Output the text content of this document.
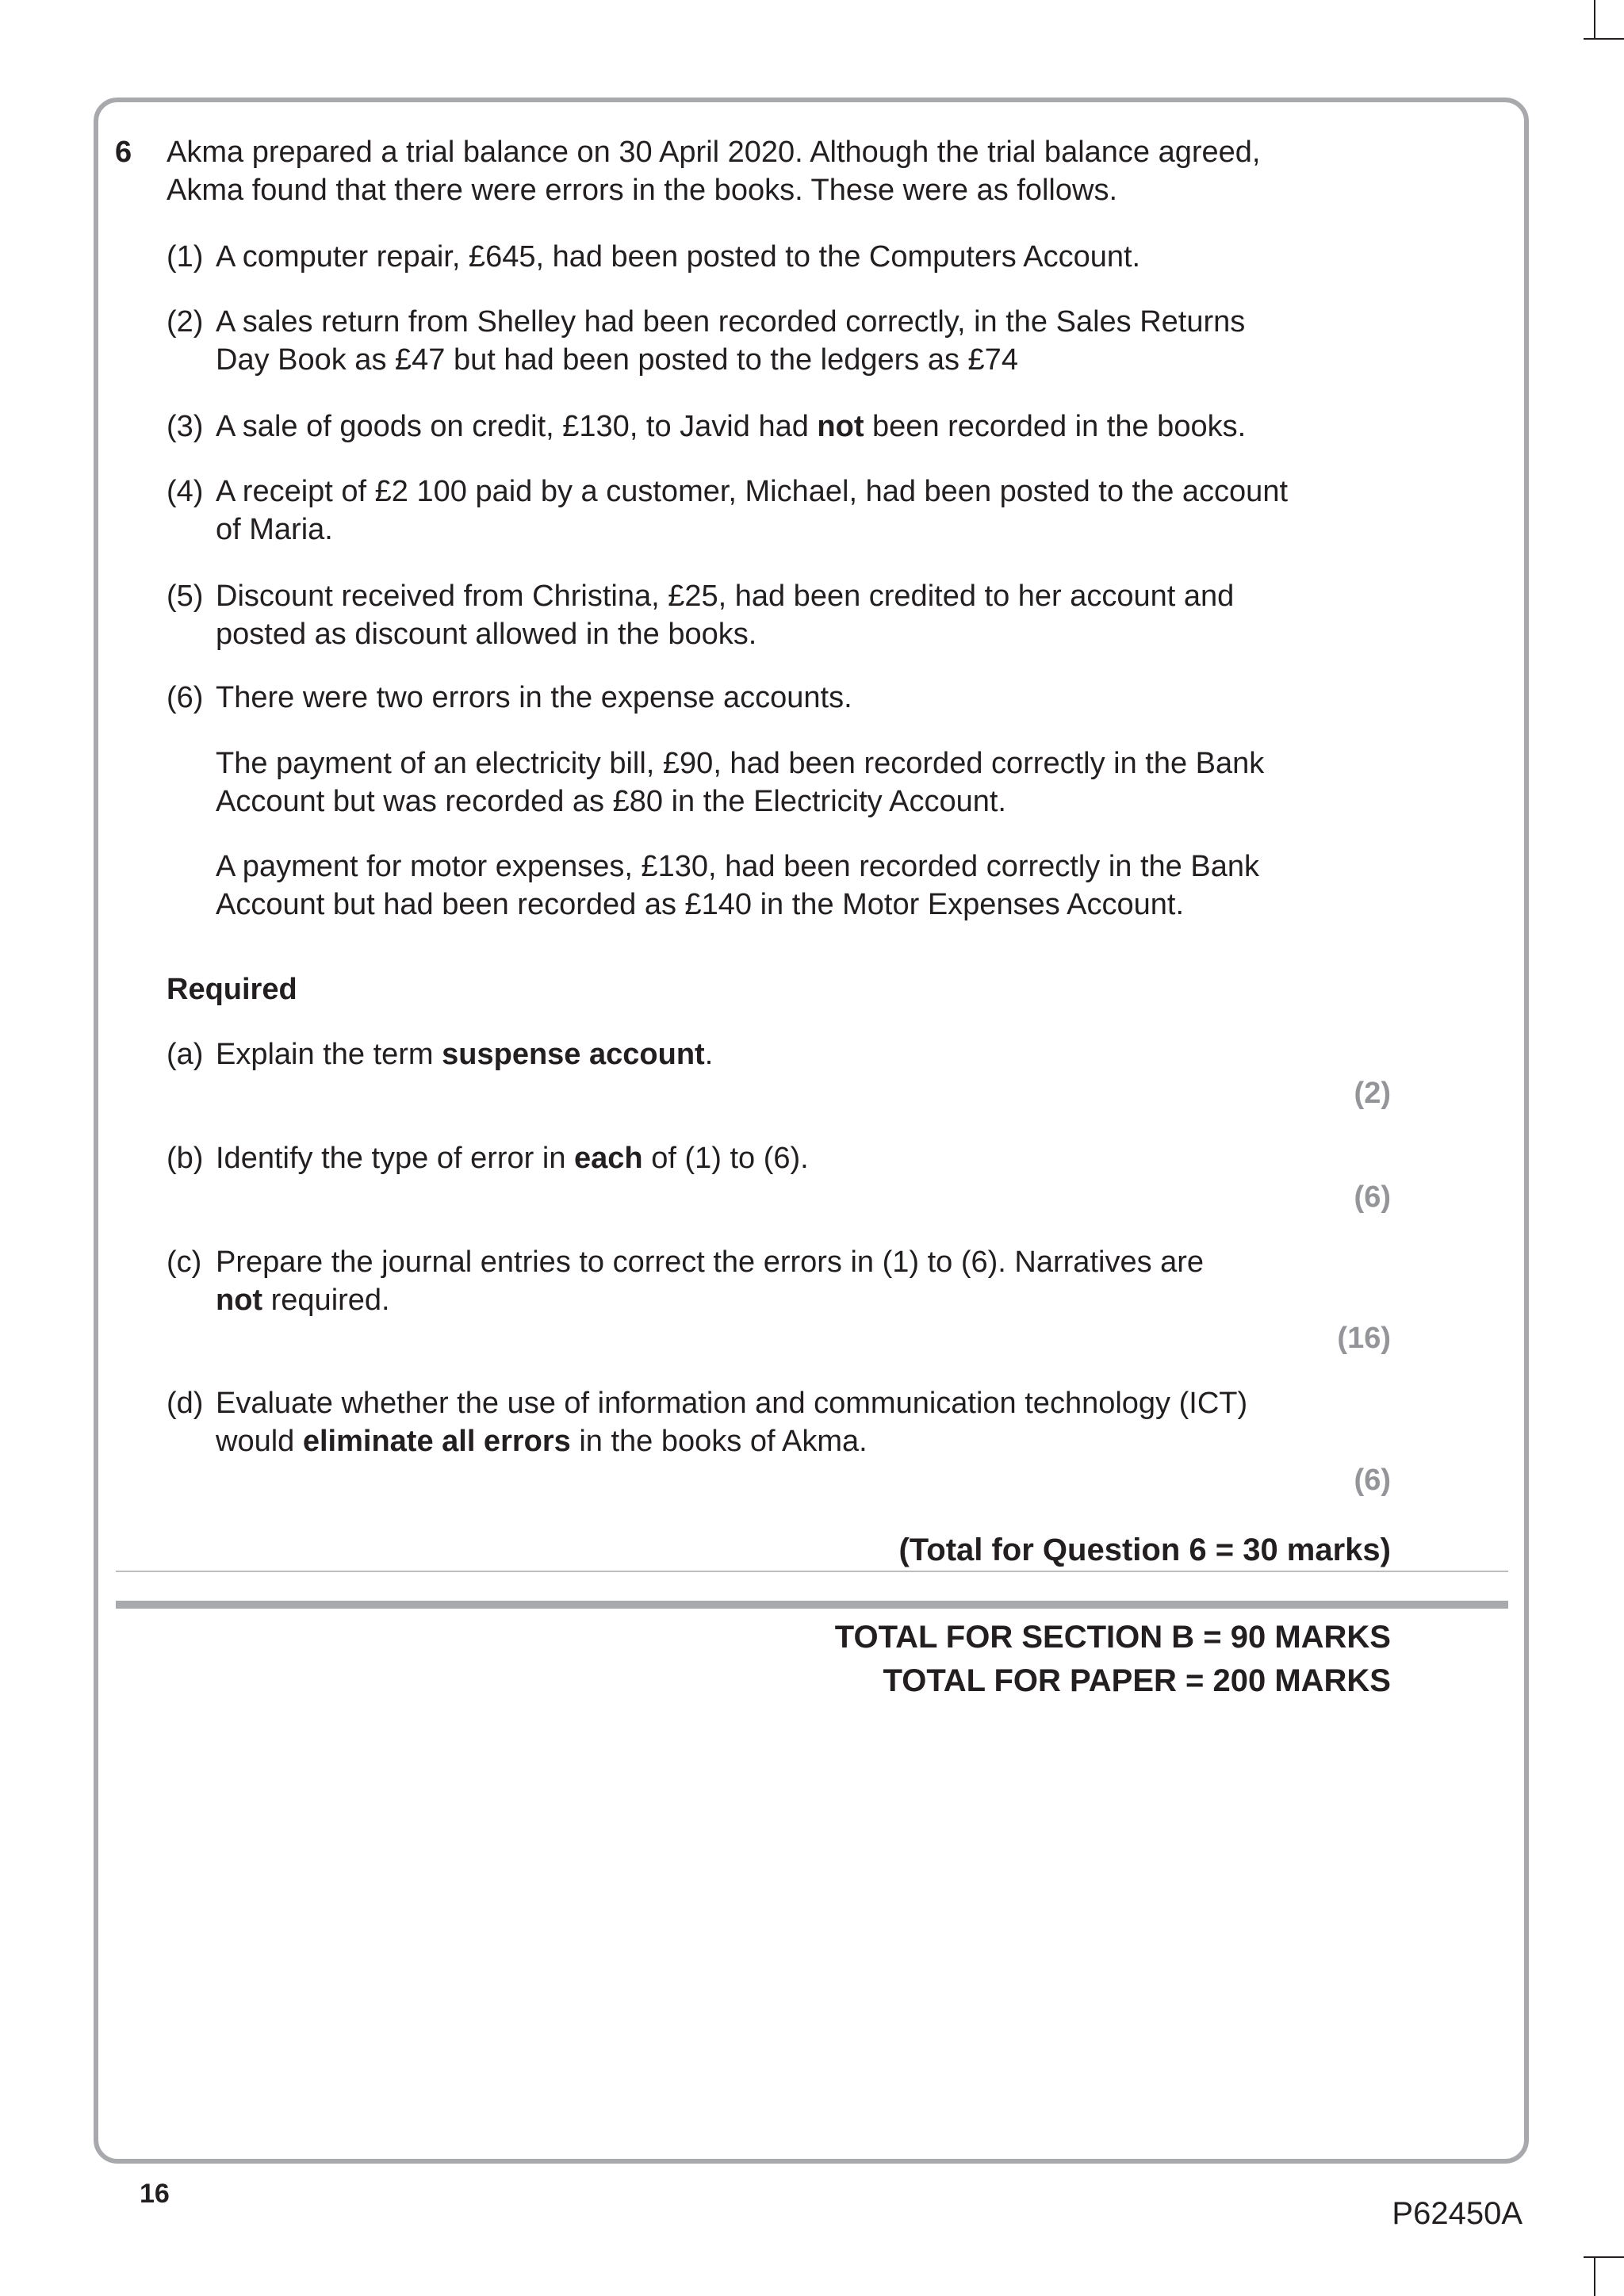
6 Akma prepared a trial balance on 30 April 2020. Although the trial balance agreed,
Akma found that there were errors in the books. These were as follows.
(1) A computer repair, £645, had been posted to the Computers Account.
(2) A sales return from Shelley had been recorded correctly, in the Sales Returns
Day Book as £47 but had been posted to the ledgers as £74
(3) A sale of goods on credit, £130, to Javid had not been recorded in the books.
(4) A receipt of £2 100 paid by a customer, Michael, had been posted to the account
of Maria.
(5) Discount received from Christina, £25, had been credited to her account and
posted as discount allowed in the books.
(6) There were two errors in the expense accounts.
The payment of an electricity bill, £90, had been recorded correctly in the Bank
Account but was recorded as £80 in the Electricity Account.
A payment for motor expenses, £130, had been recorded correctly in the Bank
Account but had been recorded as £140 in the Motor Expenses Account.
Required
(a) Explain the term suspense account.
(2)
(b) Identify the type of error in each of (1) to (6).
(6)
(c) Prepare the journal entries to correct the errors in (1) to (6). Narratives are
not required.
(16)
(d) Evaluate whether the use of information and communication technology (ICT)
would eliminate all errors in the books of Akma.
(6)
(Total for Question 6 = 30 marks)
TOTAL FOR SECTION B = 90 MARKS
TOTAL FOR PAPER = 200 MARKS
16
P62450A
